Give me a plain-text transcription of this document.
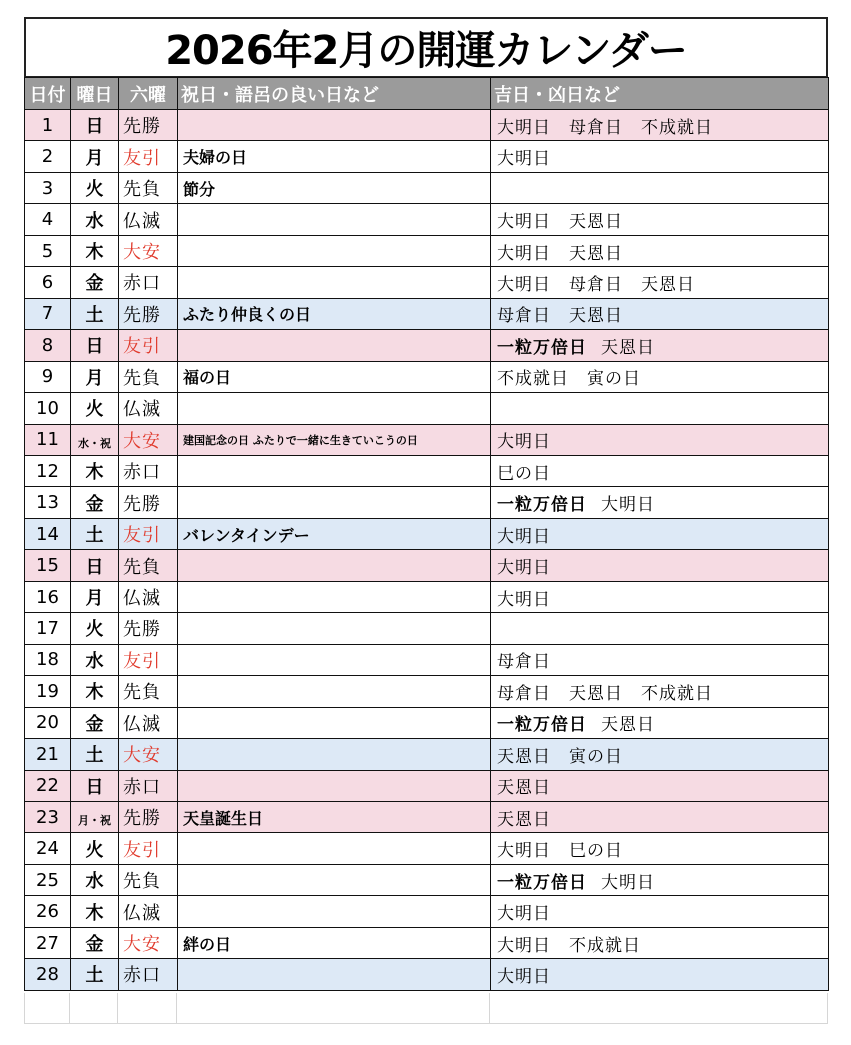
2026年2月の開運カレンダー
日付	曜日	六曜	祝日・語呂の良い日など	吉日・凶日など
1	日	先勝		大明日　母倉日　不成就日
2	月	友引	夫婦の日	大明日
3	火	先負	節分	
4	水	仏滅		大明日　天恩日
5	木	大安		大明日　天恩日
6	金	赤口		大明日　母倉日　天恩日
7	土	先勝	ふたり仲良くの日	母倉日　天恩日
8	日	友引		一粒万倍日 天恩日
9	月	先負	福の日	不成就日　寅の日
10	火	仏滅		
11	水・祝	大安	建国記念の日 ふたりで一緒に生きていこうの日	大明日
12	木	赤口		巳の日
13	金	先勝		一粒万倍日 大明日
14	土	友引	バレンタインデー	大明日
15	日	先負		大明日
16	月	仏滅		大明日
17	火	先勝		
18	水	友引		母倉日
19	木	先負		母倉日　天恩日　不成就日
20	金	仏滅		一粒万倍日 天恩日
21	土	大安		天恩日　寅の日
22	日	赤口		天恩日
23	月・祝	先勝	天皇誕生日	天恩日
24	火	友引		大明日　巳の日
25	水	先負		一粒万倍日 大明日
26	木	仏滅		大明日
27	金	大安	絆の日	大明日　不成就日
28	土	赤口		大明日
